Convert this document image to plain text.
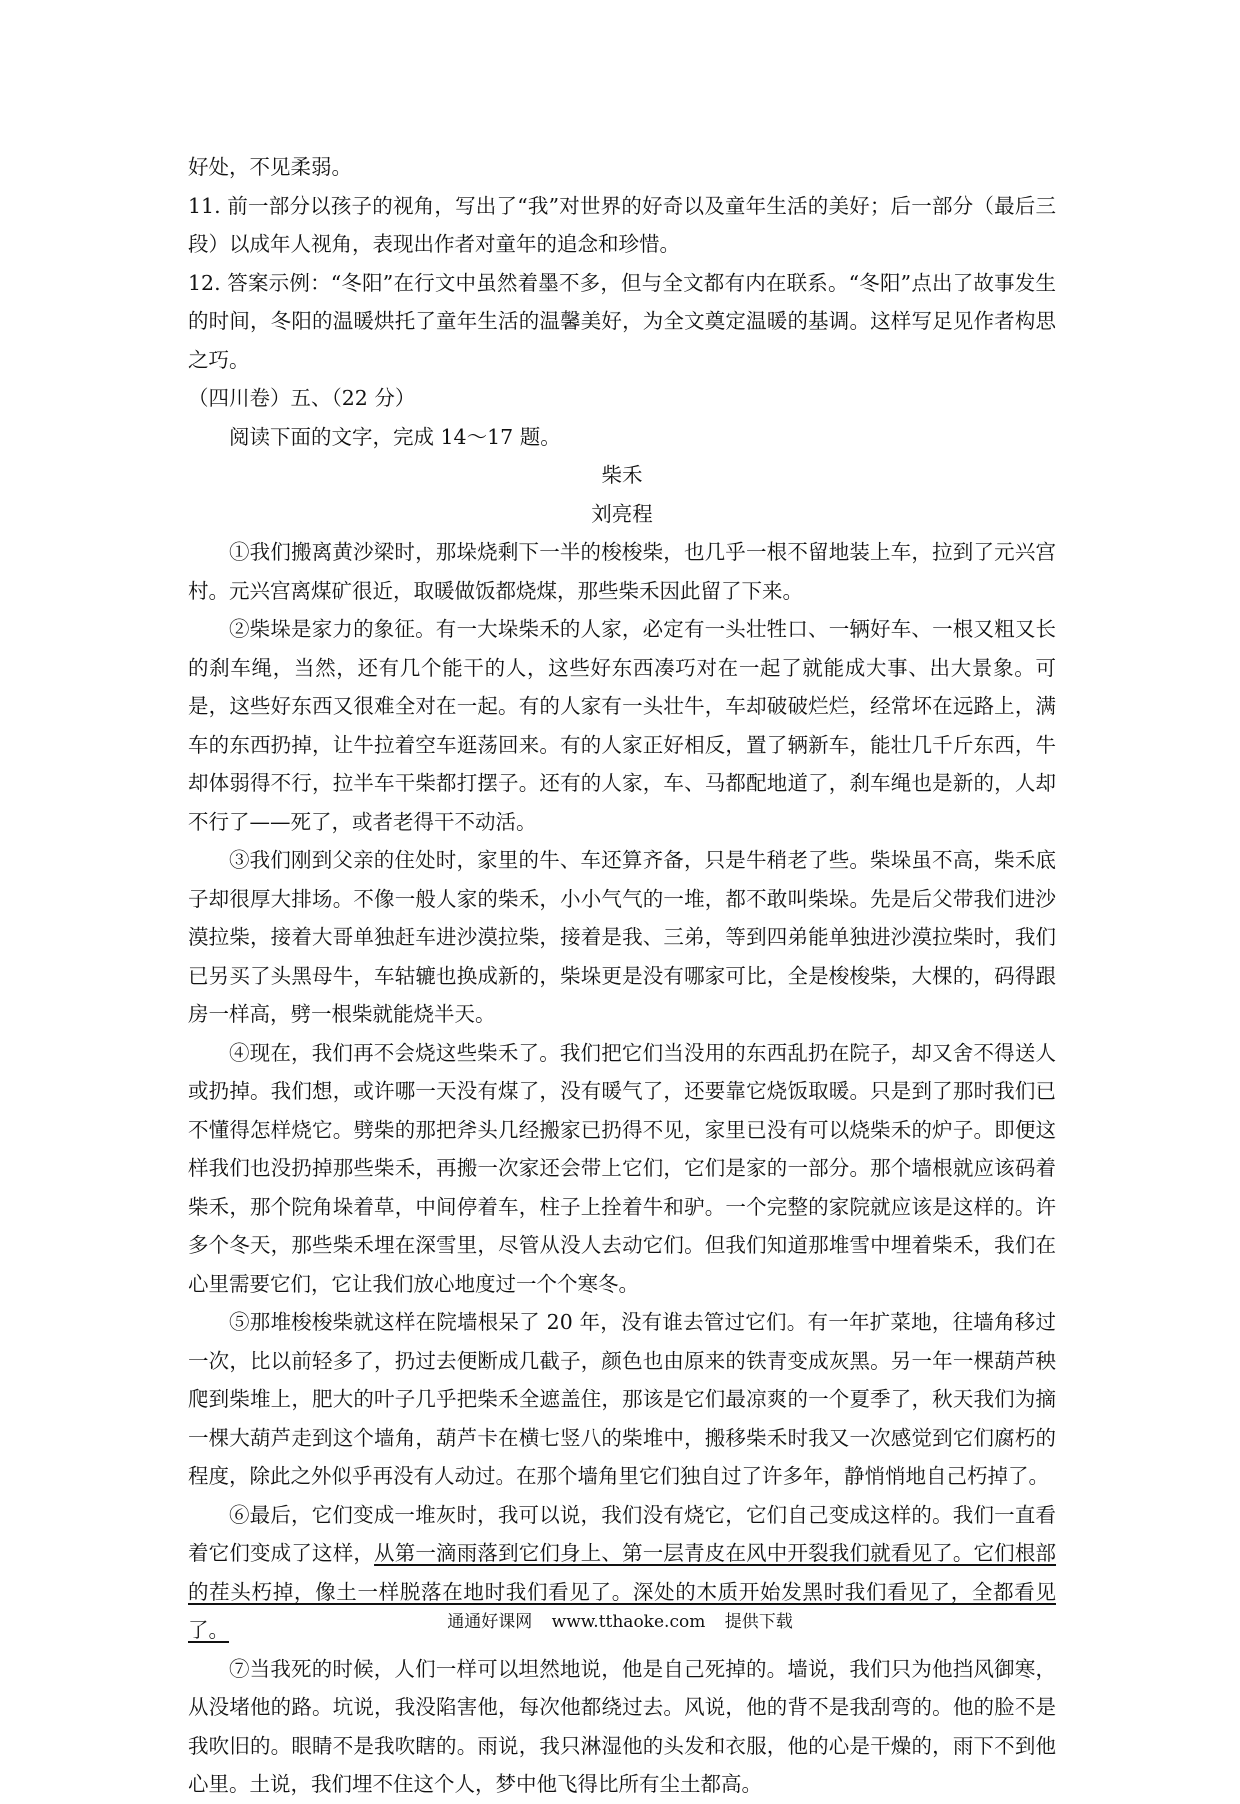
好处，不见柔弱。

11. 前一部分以孩子的视角，写出了“我”对世界的好奇以及童年生活的美好；后一部分（最后三段）以成年人视角，表现出作者对童年的追念和珍惜。

12. 答案示例：“冬阳”在行文中虽然着墨不多，但与全文都有内在联系。“冬阳”点出了故事发生的时间，冬阳的温暖烘托了童年生活的温馨美好，为全文奠定温暖的基调。这样写足见作者构思之巧。

（四川卷）五、（22 分）

阅读下面的文字，完成 14～17 题。

柴禾

刘亮程

①我们搬离黄沙梁时，那垛烧剩下一半的梭梭柴，也几乎一根不留地装上车，拉到了元兴宫村。元兴宫离煤矿很近，取暖做饭都烧煤，那些柴禾因此留了下来。

②柴垛是家力的象征。有一大垛柴禾的人家，必定有一头壮牲口、一辆好车、一根又粗又长的刹车绳，当然，还有几个能干的人，这些好东西凑巧对在一起了就能成大事、出大景象。可是，这些好东西又很难全对在一起。有的人家有一头壮牛，车却破破烂烂，经常坏在远路上，满车的东西扔掉，让牛拉着空车逛荡回来。有的人家正好相反，置了辆新车，能壮几千斤东西，牛却体弱得不行，拉半车干柴都打摆子。还有的人家，车、马都配地道了，刹车绳也是新的，人却不行了——死了，或者老得干不动活。

③我们刚到父亲的住处时，家里的牛、车还算齐备，只是牛稍老了些。柴垛虽不高，柴禾底子却很厚大排场。不像一般人家的柴禾，小小气气的一堆，都不敢叫柴垛。先是后父带我们进沙漠拉柴，接着大哥单独赶车进沙漠拉柴，接着是我、三弟，等到四弟能单独进沙漠拉柴时，我们已另买了头黑母牛，车轱辘也换成新的，柴垛更是没有哪家可比，全是梭梭柴，大棵的，码得跟房一样高，劈一根柴就能烧半天。

④现在，我们再不会烧这些柴禾了。我们把它们当没用的东西乱扔在院子，却又舍不得送人或扔掉。我们想，或许哪一天没有煤了，没有暖气了，还要靠它烧饭取暖。只是到了那时我们已不懂得怎样烧它。劈柴的那把斧头几经搬家已扔得不见，家里已没有可以烧柴禾的炉子。即便这样我们也没扔掉那些柴禾，再搬一次家还会带上它们，它们是家的一部分。那个墙根就应该码着柴禾，那个院角垛着草，中间停着车，柱子上拴着牛和驴。一个完整的家院就应该是这样的。许多个冬天，那些柴禾埋在深雪里，尽管从没人去动它们。但我们知道那堆雪中埋着柴禾，我们在心里需要它们，它让我们放心地度过一个个寒冬。

⑤那堆梭梭柴就这样在院墙根呆了 20 年，没有谁去管过它们。有一年扩菜地，往墙角移过一次，比以前轻多了，扔过去便断成几截子，颜色也由原来的铁青变成灰黑。另一年一棵葫芦秧爬到柴堆上，肥大的叶子几乎把柴禾全遮盖住，那该是它们最凉爽的一个夏季了，秋天我们为摘一棵大葫芦走到这个墙角，葫芦卡在横七竖八的柴堆中，搬移柴禾时我又一次感觉到它们腐朽的程度，除此之外似乎再没有人动过。在那个墙角里它们独自过了许多年，静悄悄地自己朽掉了。

⑥最后，它们变成一堆灰时，我可以说，我们没有烧它，它们自己变成这样的。我们一直看着它们变成了这样，从第一滴雨落到它们身上、第一层青皮在风中开裂我们就看见了。它们根部的茬头朽掉，像土一样脱落在地时我们看见了。深处的木质开始发黑时我们看见了，全都看见了。

⑦当我死的时候，人们一样可以坦然地说，他是自己死掉的。墙说，我们只为他挡风御寒，从没堵他的路。坑说，我没陷害他，每次他都绕过去。风说，他的背不是我刮弯的。他的脸不是我吹旧的。眼睛不是我吹瞎的。雨说，我只淋湿他的头发和衣服，他的心是干燥的，雨下不到他心里。土说，我们埋不住这个人，梦中他飞得比所有尘土都高。

通通好课网 www.tthaoke.com 提供下载
